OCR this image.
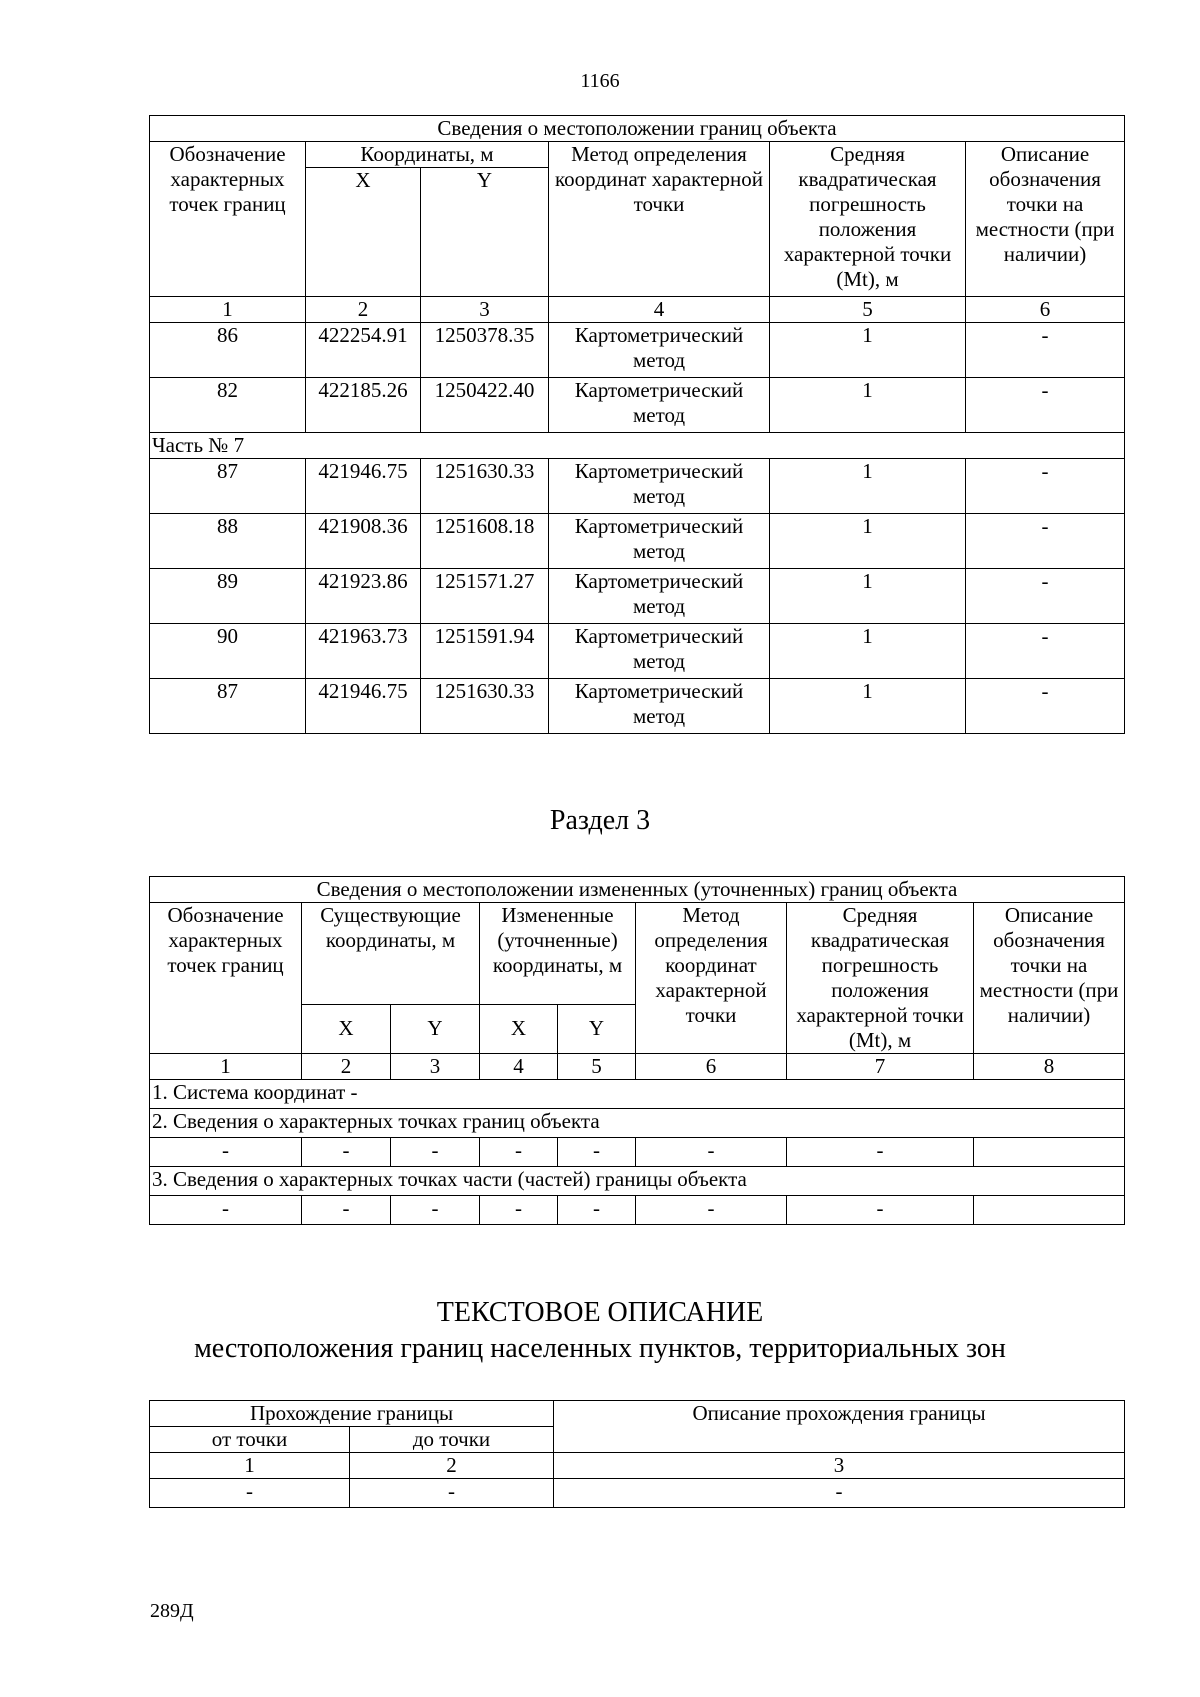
1166
Сведения о местоположении границ объекта					
Обозначение характерных точек границ	Координаты, м		Метод определения координат характерной точки	Средняя квадратическая погрешность положения характерной точки (Mt), м	Описание обозначения точки на местности (при наличии)
	X	Y			
1	2	3	4	5	6
86	422254.91	1250378.35	Картометрический метод	1	-
82	422185.26	1250422.40	Картометрический метод	1	-
Часть № 7					
87	421946.75	1251630.33	Картометрический метод	1	-
88	421908.36	1251608.18	Картометрический метод	1	-
89	421923.86	1251571.27	Картометрический метод	1	-
90	421963.73	1251591.94	Картометрический метод	1	-
87	421946.75	1251630.33	Картометрический метод	1	-
Раздел 3
Сведения о местоположении измененных (уточненных) границ объекта							
Обозначение характерных точек границ	Существующие координаты, м		Измененные (уточненные) координаты, м		Метод определения координат характерной точки	Средняя квадратическая погрешность положения характерной точки (Mt), м	Описание обозначения точки на местности (при наличии)
	X	Y	X	Y			
1	2	3	4	5	6	7	8
1. Система координат -							
2. Сведения о характерных точках границ объекта							
-	-	-	-	-	-	-	
3. Сведения о характерных точках части (частей) границы объекта							
-	-	-	-	-	-	-	
ТЕКСТОВОЕ ОПИСАНИЕ
местоположения границ населенных пунктов, территориальных зон
Прохождение границы		Описание прохождения границы
от точки	до точки	
1	2	3
-	-	-
289Д
